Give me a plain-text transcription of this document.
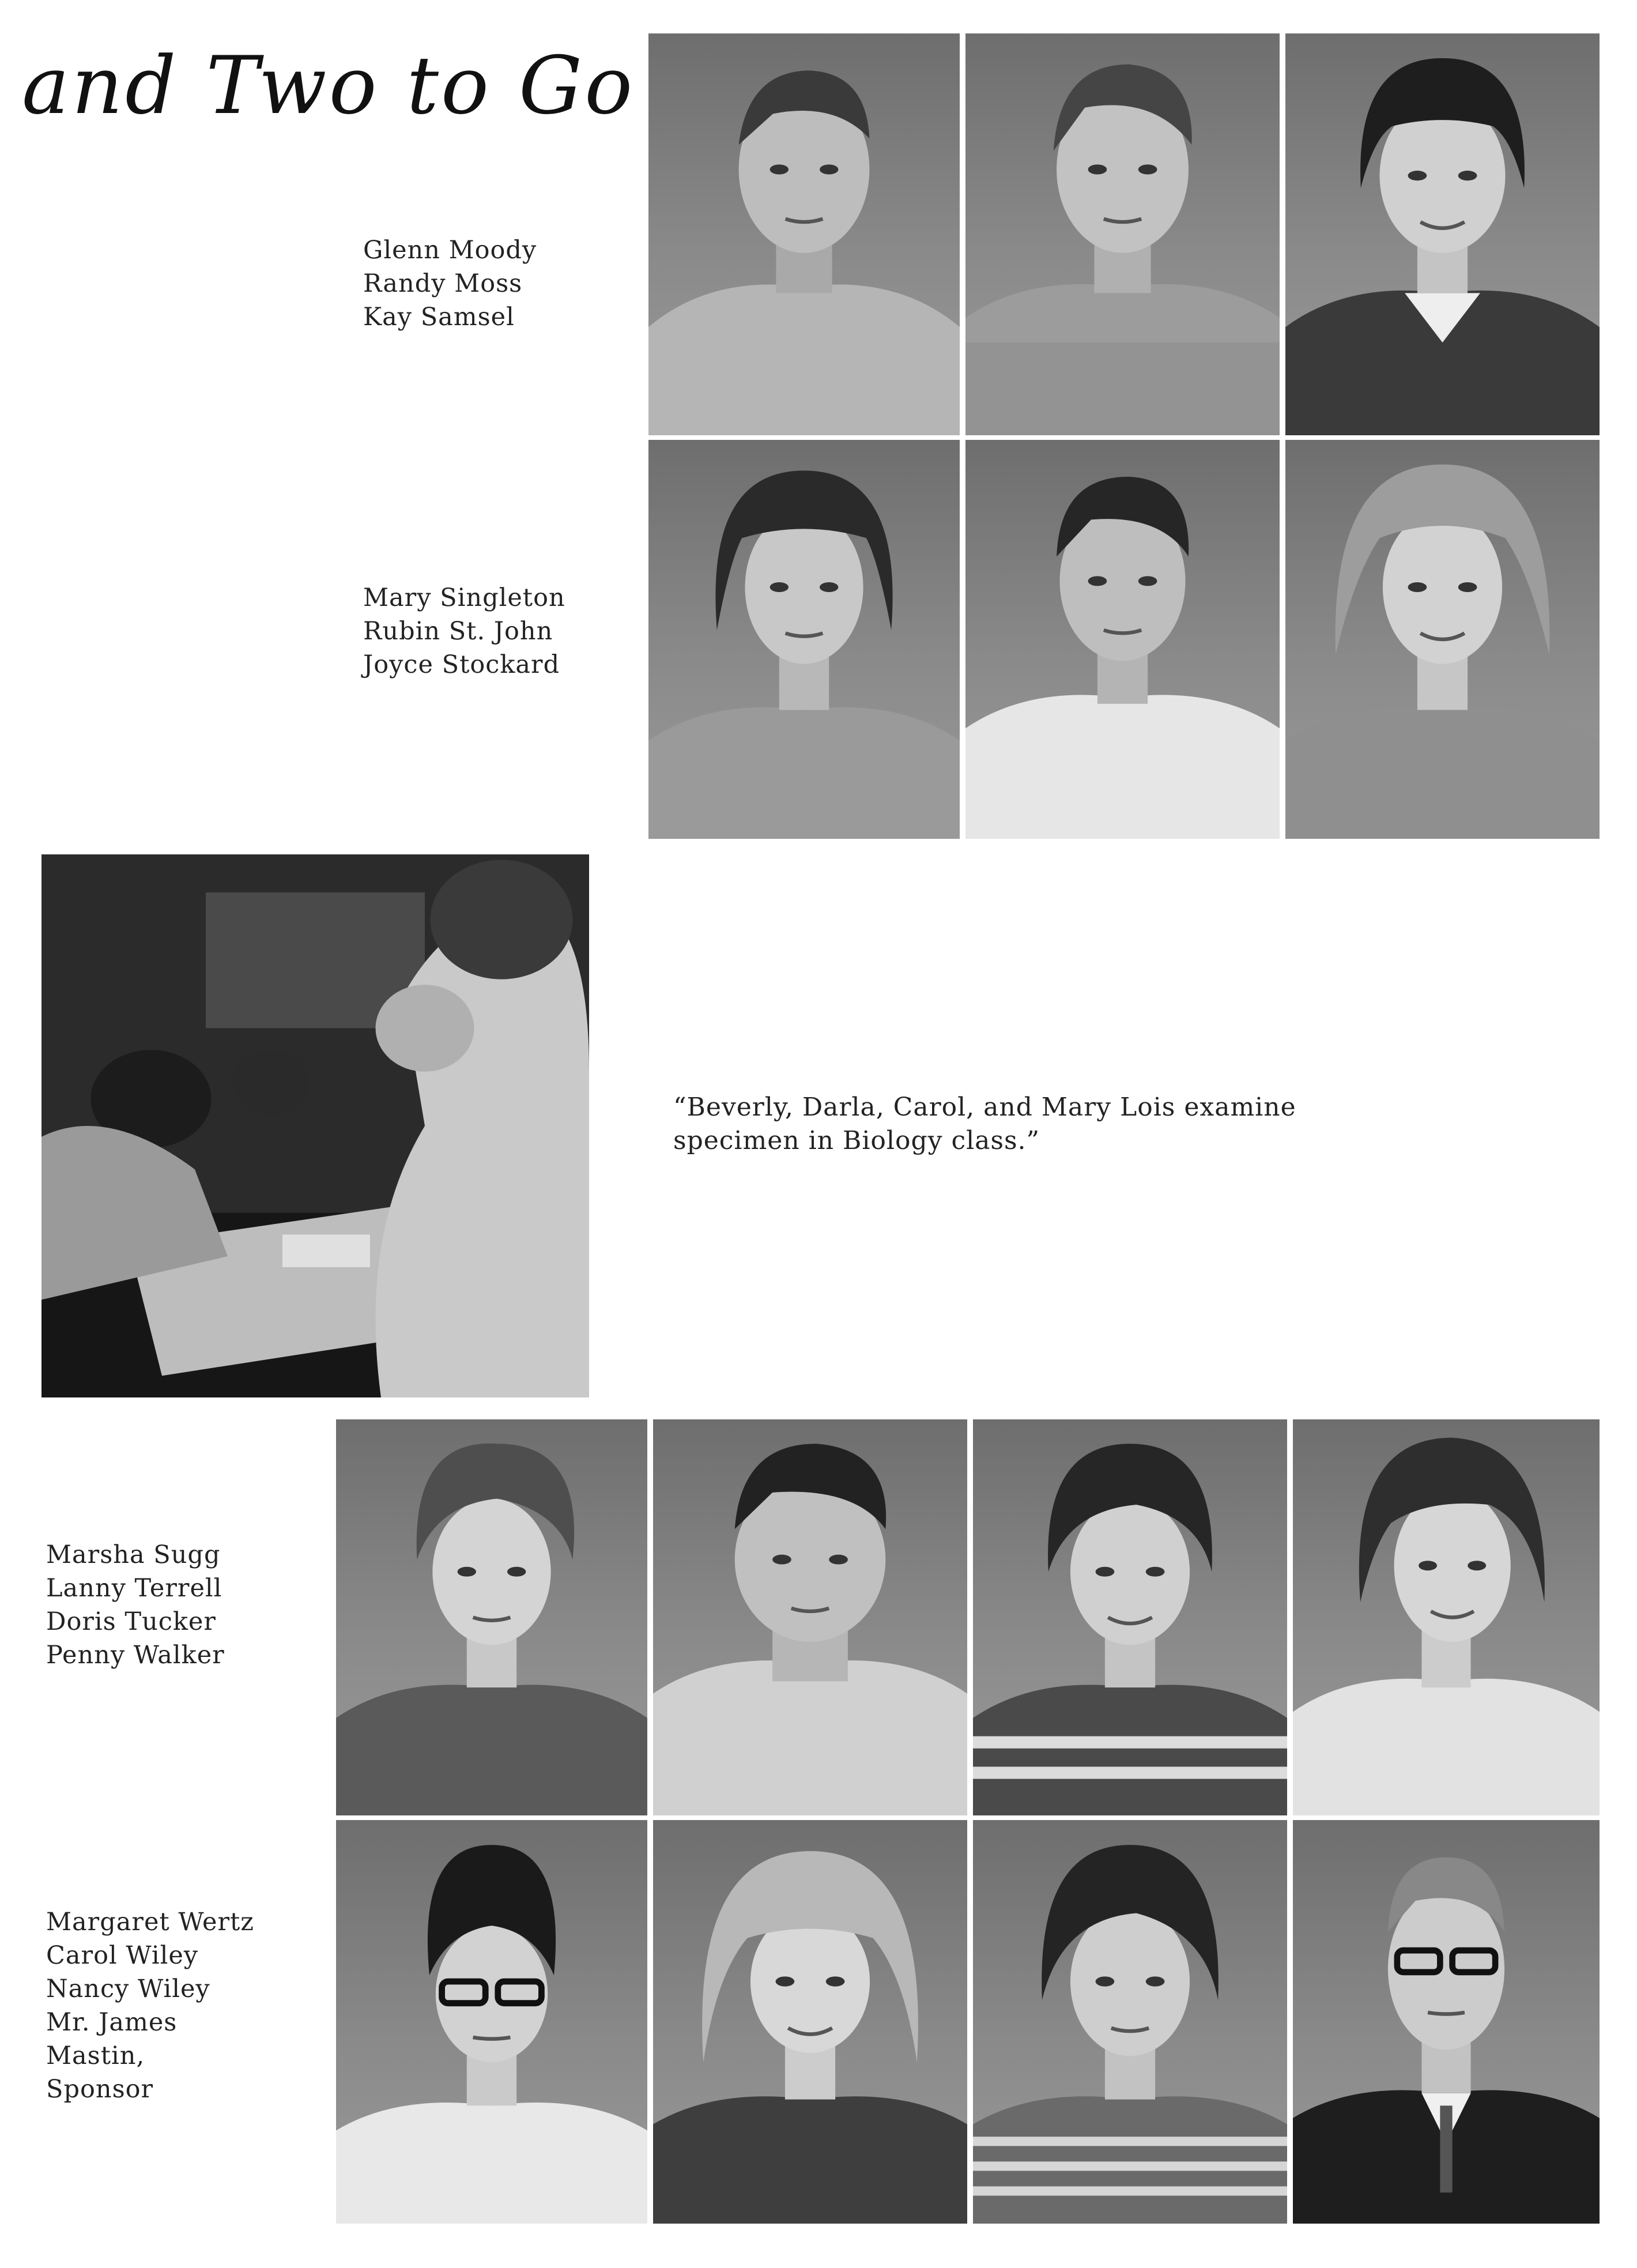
and Two to Go
Glenn Moody
Randy Moss
Kay Samsel
Mary Singleton
Rubin St. John
Joyce Stockard
Marsha Sugg
Lanny Terrell
Doris Tucker
Penny Walker
Margaret Wertz
Carol Wiley
Nancy Wiley
Mr. James
Mastin,
Sponsor
“Beverly, Darla, Carol, and Mary Lois examine
specimen in Biology class.”
